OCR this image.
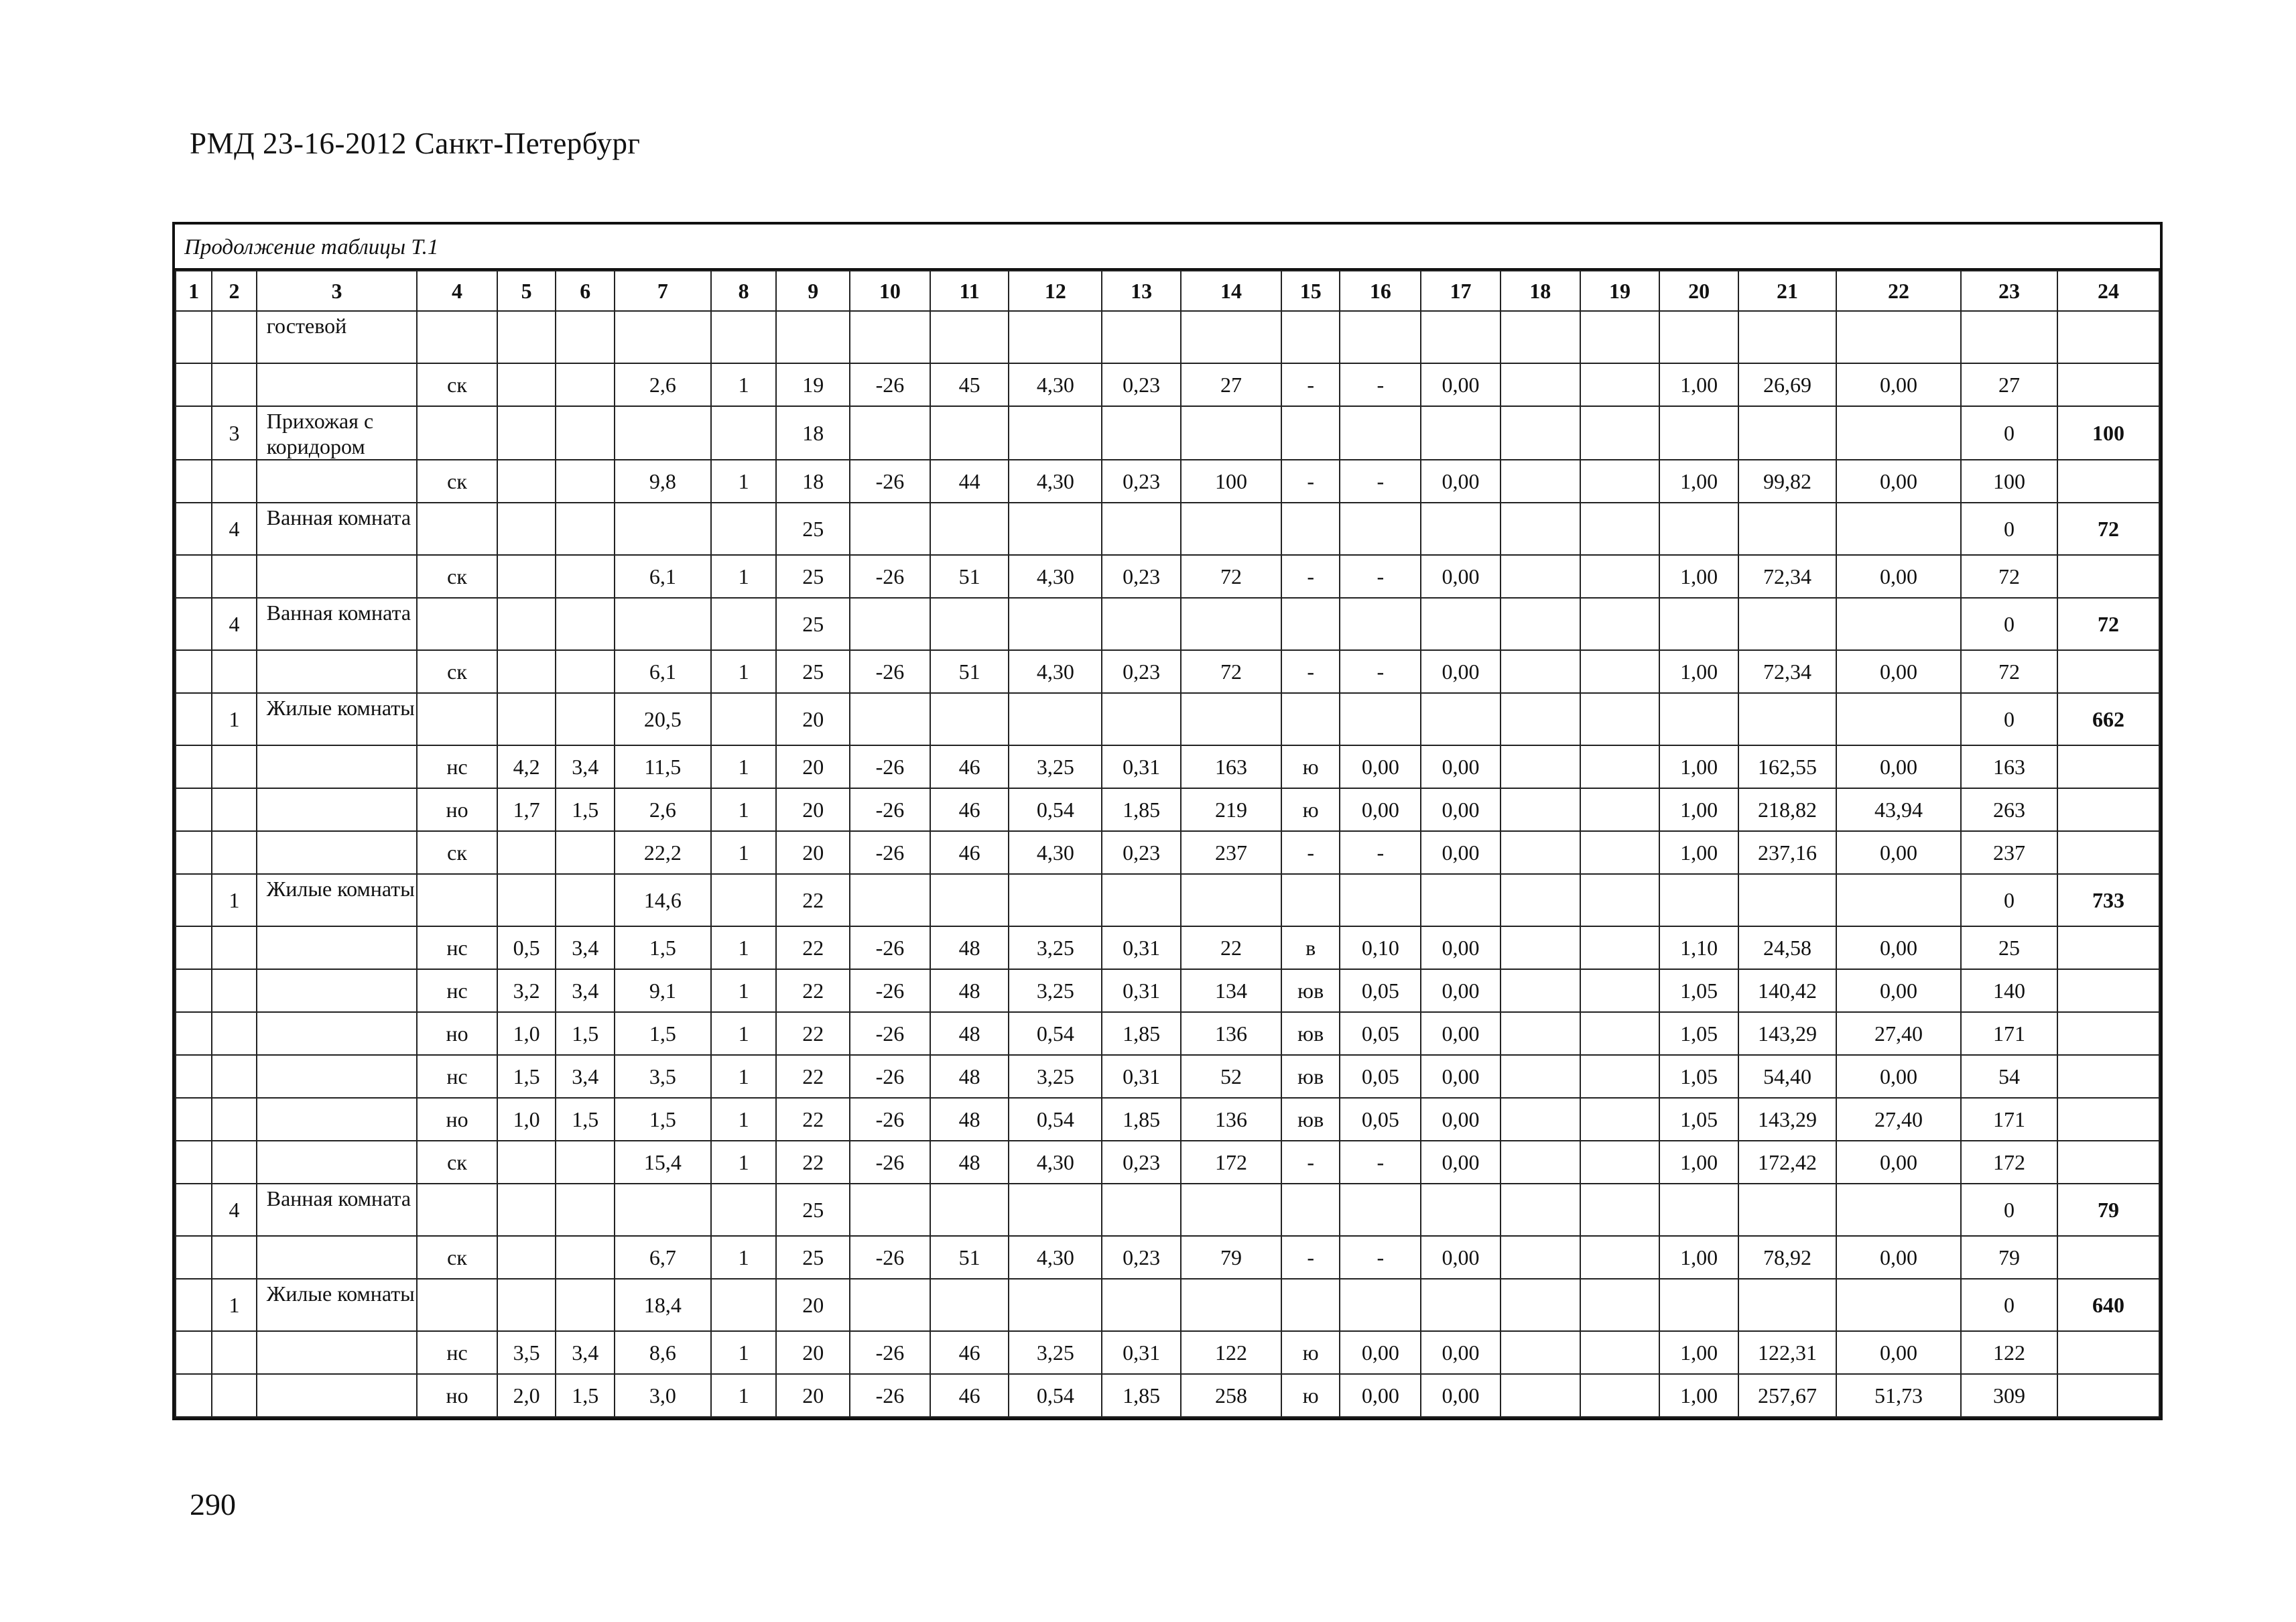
РМД 23-16-2012 Санкт-Петербург
Продолжение таблицы Т.1
1	2	3	4	5	6	7	8	9	10	11	12	13	14	15	16	17	18	19	20	21	22	23	24
		гостевой																					
			ск			2,6	1	19	-26	45	4,30	0,23	27	-	-	0,00			1,00	26,69	0,00	27	
	3	Прихожая с коридором						18														0	100
			ск			9,8	1	18	-26	44	4,30	0,23	100	-	-	0,00			1,00	99,82	0,00	100	
	4	Ванная комната						25														0	72
			ск			6,1	1	25	-26	51	4,30	0,23	72	-	-	0,00			1,00	72,34	0,00	72	
	4	Ванная комната						25														0	72
			ск			6,1	1	25	-26	51	4,30	0,23	72	-	-	0,00			1,00	72,34	0,00	72	
	1	Жилые комнаты				20,5		20														0	662
			нс	4,2	3,4	11,5	1	20	-26	46	3,25	0,31	163	ю	0,00	0,00			1,00	162,55	0,00	163	
			но	1,7	1,5	2,6	1	20	-26	46	0,54	1,85	219	ю	0,00	0,00			1,00	218,82	43,94	263	
			ск			22,2	1	20	-26	46	4,30	0,23	237	-	-	0,00			1,00	237,16	0,00	237	
	1	Жилые комнаты				14,6		22														0	733
			нс	0,5	3,4	1,5	1	22	-26	48	3,25	0,31	22	в	0,10	0,00			1,10	24,58	0,00	25	
			нс	3,2	3,4	9,1	1	22	-26	48	3,25	0,31	134	юв	0,05	0,00			1,05	140,42	0,00	140	
			но	1,0	1,5	1,5	1	22	-26	48	0,54	1,85	136	юв	0,05	0,00			1,05	143,29	27,40	171	
			нс	1,5	3,4	3,5	1	22	-26	48	3,25	0,31	52	юв	0,05	0,00			1,05	54,40	0,00	54	
			но	1,0	1,5	1,5	1	22	-26	48	0,54	1,85	136	юв	0,05	0,00			1,05	143,29	27,40	171	
			ск			15,4	1	22	-26	48	4,30	0,23	172	-	-	0,00			1,00	172,42	0,00	172	
	4	Ванная комната						25														0	79
			ск			6,7	1	25	-26	51	4,30	0,23	79	-	-	0,00			1,00	78,92	0,00	79	
	1	Жилые комнаты				18,4		20														0	640
			нс	3,5	3,4	8,6	1	20	-26	46	3,25	0,31	122	ю	0,00	0,00			1,00	122,31	0,00	122	
			но	2,0	1,5	3,0	1	20	-26	46	0,54	1,85	258	ю	0,00	0,00			1,00	257,67	51,73	309	
290
